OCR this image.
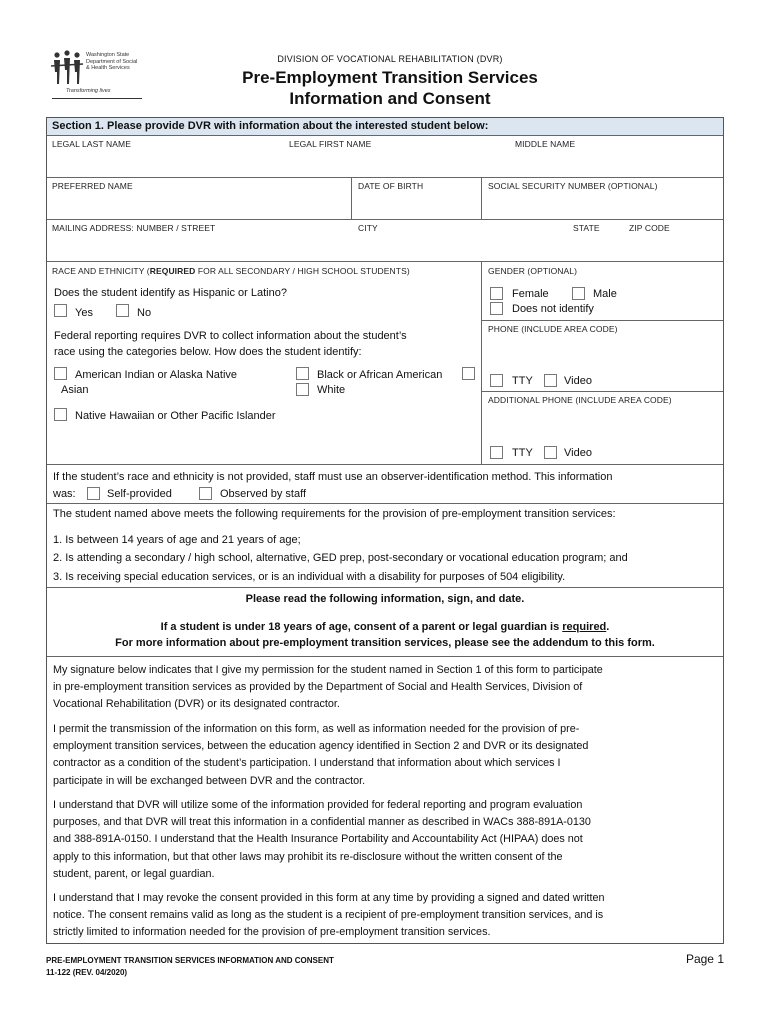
Washington State
Department of Social
& Health Services
Transforming lives
DIVISION OF VOCATIONAL REHABILITATION (DVR)
Pre-Employment Transition Services
Information and Consent
Section 1. Please provide DVR with information about the interested student below:
LEGAL LAST NAME	LEGAL FIRST NAME	MIDDLE NAME
PREFERRED NAME	DATE OF BIRTH	SOCIAL SECURITY NUMBER (OPTIONAL)
MAILING ADDRESS: NUMBER / STREET	CITY	STATE	ZIP CODE
RACE AND ETHNICITY (REQUIRED FOR ALL SECONDARY / HIGH SCHOOL STUDENTS)
Does the student identify as Hispanic or Latino?
Yes	No
Federal reporting requires DVR to collect information about the student’s
race using the categories below. How does the student identify:
American Indian or Alaska Native
Asian
Black or African American
White
Native Hawaiian or Other Pacific Islander
GENDER (OPTIONAL)
Female	Male
Does not identify
PHONE (INCLUDE AREA CODE)
TTY	Video
ADDITIONAL PHONE (INCLUDE AREA CODE)
TTY	Video
If the student’s race and ethnicity is not provided, staff must use an observer-identification method. This information
was:	Self-provided	Observed by staff
The student named above meets the following requirements for the provision of pre-employment transition services:
1. Is between 14 years of age and 21 years of age;
2. Is attending a secondary / high school, alternative, GED prep, post-secondary or vocational education program; and
3. Is receiving special education services, or is an individual with a disability for purposes of 504 eligibility.
Please read the following information, sign, and date.
If a student is under 18 years of age, consent of a parent or legal guardian is required.
For more information about pre-employment transition services, please see the addendum to this form.
My signature below indicates that I give my permission for the student named in Section 1 of this form to participate
in pre-employment transition services as provided by the Department of Social and Health Services, Division of
Vocational Rehabilitation (DVR) or its designated contractor.
I permit the transmission of the information on this form, as well as information needed for the provision of pre-
employment transition services, between the education agency identified in Section 2 and DVR or its designated
contractor as a condition of the student’s participation. I understand that information about which services I
participate in will be exchanged between DVR and the contractor.
I understand that DVR will utilize some of the information provided for federal reporting and program evaluation
purposes, and that DVR will treat this information in a confidential manner as described in WACs 388-891A-0130
and 388-891A-0150. I understand that the Health Insurance Portability and Accountability Act (HIPAA) does not
apply to this information, but that other laws may prohibit its re-disclosure without the written consent of the
student, parent, or legal guardian.
I understand that I may revoke the consent provided in this form at any time by providing a signed and dated written
notice. The consent remains valid as long as the student is a recipient of pre-employment transition services, and is
strictly limited to information needed for the provision of pre-employment transition services.
PRE-EMPLOYMENT TRANSITION SERVICES INFORMATION AND CONSENT
11-122 (REV. 04/2020)
Page 1
